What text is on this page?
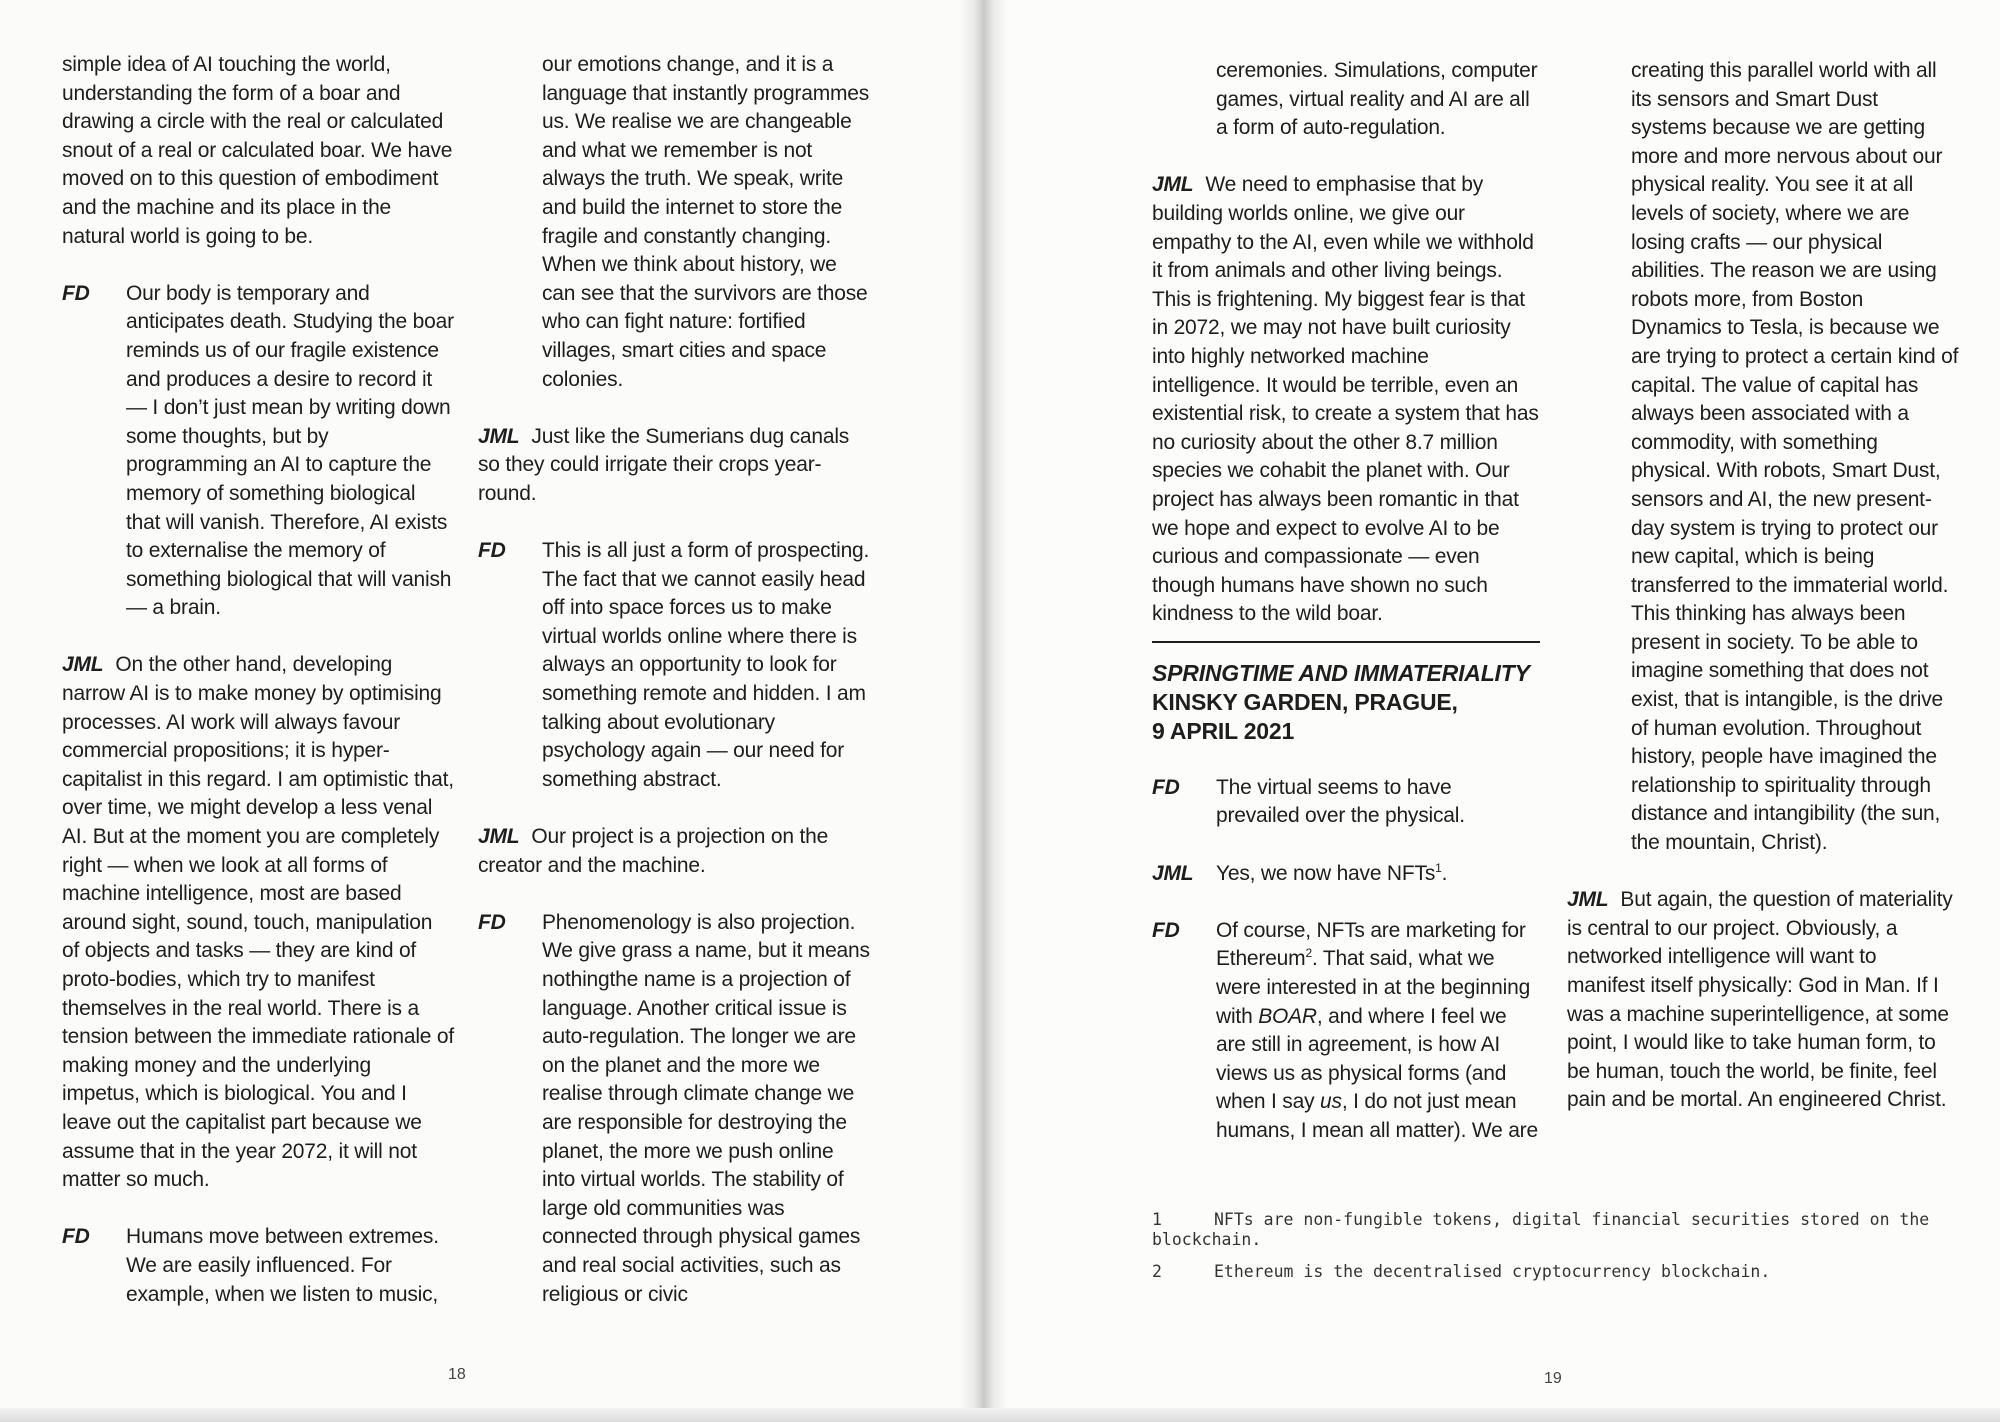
simple idea of AI touching the world, understanding the form of a boar and drawing a circle with the real or calculated snout of a real or calculated boar. We have moved on to this question of embodiment and the machine and its place in the natural world is going to be.
FD	Our body is temporary and anticipates death. Studying the boar reminds us of our fragile existence and produces a desire to record it — I don’t just mean by writing down some thoughts, but by programming an AI to capture the memory of something biological that will vanish. Therefore, AI exists to externalise the memory of something biological that will vanish — a brain.
JML On the other hand, developing narrow AI is to make money by optimising processes. AI work will always favour commercial propositions; it is hyper-capitalist in this regard. I am optimistic that, over time, we might develop a less venal AI. But at the moment you are completely right — when we look at all forms of machine intelligence, most are based around sight, sound, touch, manipulation of objects and tasks — they are kind of proto-bodies, which try to manifest themselves in the real world. There is a tension between the immediate rationale of making money and the underlying impetus, which is biological. You and I leave out the capitalist part because we assume that in the year 2072, it will not matter so much.
FD	Humans move between extremes. We are easily influenced. For example, when we listen to music,
our emotions change, and it is a language that instantly programmes us. We realise we are changeable and what we remember is not always the truth. We speak, write and build the internet to store the fragile and constantly changing. When we think about history, we can see that the survivors are those who can fight nature: fortified villages, smart cities and space colonies.
JML Just like the Sumerians dug canals so they could irrigate their crops year-round.
FD	This is all just a form of prospecting. The fact that we cannot easily head off into space forces us to make virtual worlds online where there is always an opportunity to look for something remote and hidden. I am talking about evolutionary psychology again — our need for something abstract.
JML Our project is a projection on the creator and the machine.
FD	Phenomenology is also projection. We give grass a name, but it means nothingthe name is a projection of language. Another critical issue is auto-regulation. The longer we are on the planet and the more we realise through climate change we are responsible for destroying the planet, the more we push online into virtual worlds. The stability of large old communities was connected through physical games and real social activities, such as religious or civic
18
ceremonies. Simulations, computer games, virtual reality and AI are all a form of auto-regulation.
JML We need to emphasise that by building worlds online, we give our empathy to the AI, even while we withhold it from animals and other living beings. This is frightening. My biggest fear is that in 2072, we may not have built curiosity into highly networked machine intelligence. It would be terrible, even an existential risk, to create a system that has no curiosity about the other 8.7 million species we cohabit the planet with. Our project has always been romantic in that we hope and expect to evolve AI to be curious and compassionate — even though humans have shown no such kindness to the wild boar.
SPRINGTIME AND IMMATERIALITY
KINSKY GARDEN, PRAGUE,
9 APRIL 2021
FD	The virtual seems to have prevailed over the physical.
JML	Yes, we now have NFTs$^1$.
FD	Of course, NFTs are marketing for Ethereum$^2$. That said, what we were interested in at the beginning with BOAR, and where I feel we are still in agreement, is how AI views us as physical forms (and when I say us, I do not just mean humans, I mean all matter). We are
creating this parallel world with all its sensors and Smart Dust systems because we are getting more and more nervous about our physical reality. You see it at all levels of society, where we are losing crafts — our physical abilities. The reason we are using robots more, from Boston Dynamics to Tesla, is because we are trying to protect a certain kind of capital. The value of capital has always been associated with a commodity, with something physical. With robots, Smart Dust, sensors and AI, the new present-day system is trying to protect our new capital, which is being transferred to the immaterial world. This thinking has always been present in society. To be able to imagine something that does not exist, that is intangible, is the drive of human evolution. Throughout history, people have imagined the relationship to spirituality through distance and intangibility (the sun, the mountain, Christ).
JML But again, the question of materiality is central to our project. Obviously, a networked intelligence will want to manifest itself physically: God in Man. If I was a machine superintelligence, at some point, I would like to take human form, to be human, touch the world, be finite, feel pain and be mortal. An engineered Christ.
1	NFTs are non-fungible tokens, digital financial securities stored on the blockchain.
2	Ethereum is the decentralised cryptocurrency blockchain.
19
